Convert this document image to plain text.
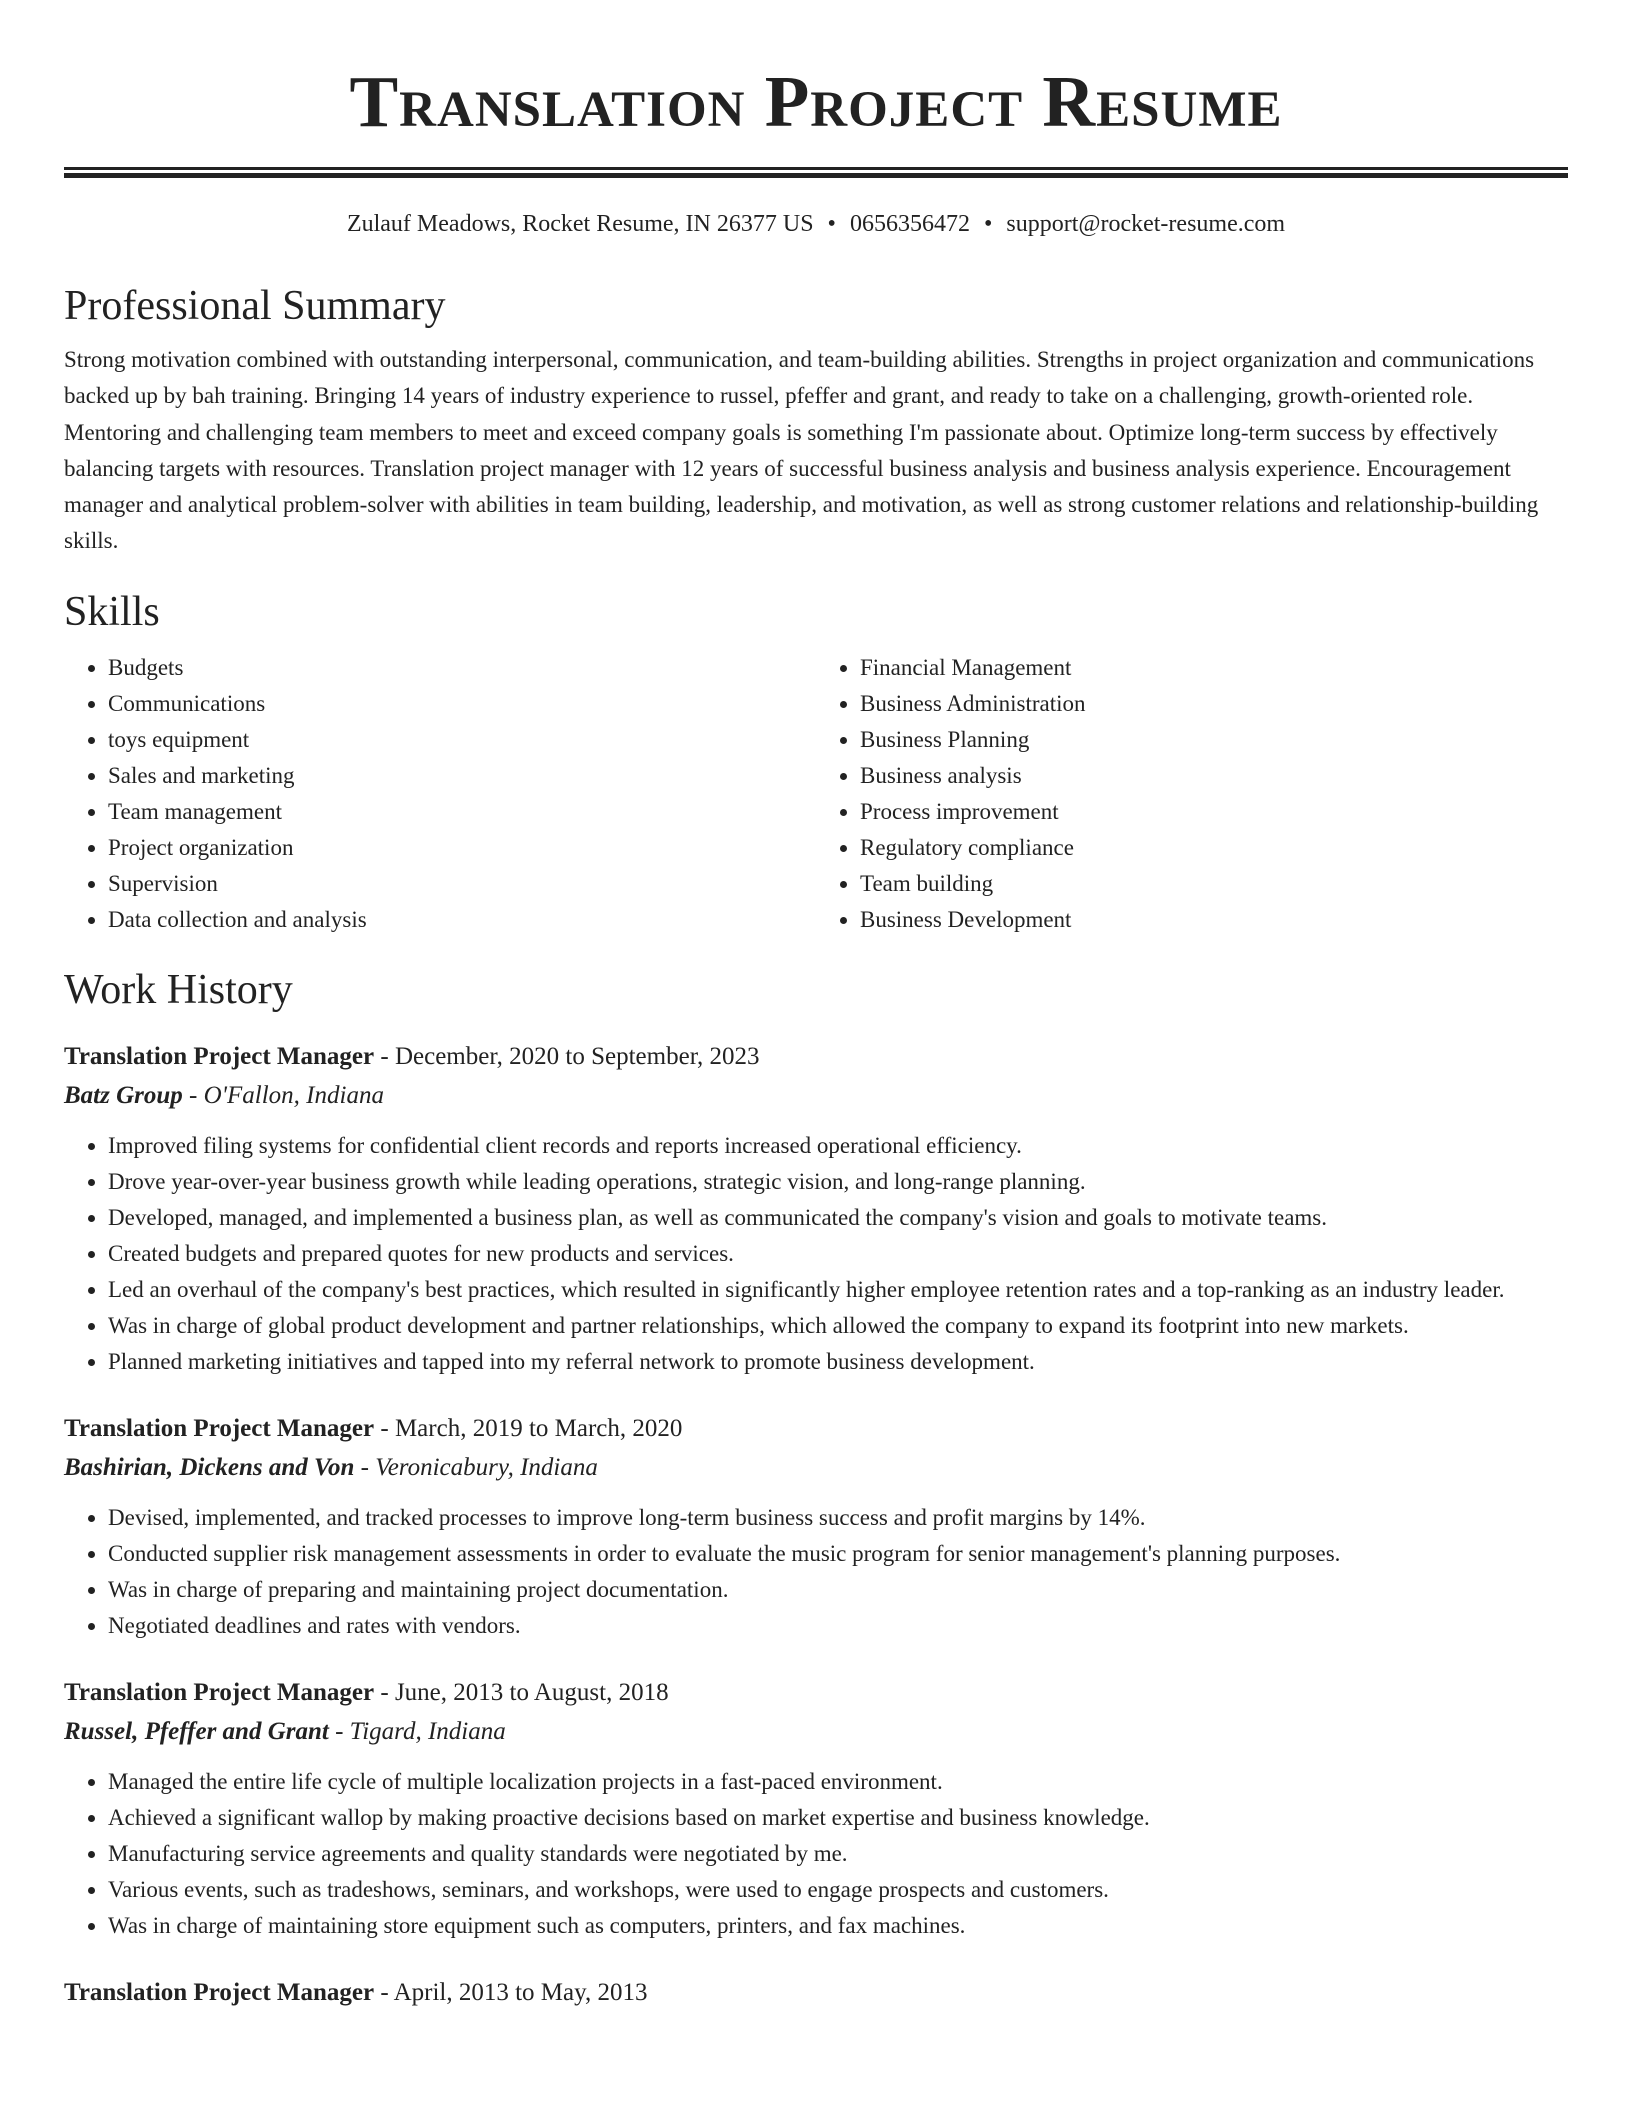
Translation Project Resume
Zulauf Meadows, Rocket Resume, IN 26377 US • 0656356472 • support@rocket-resume.com
Professional Summary

Strong motivation combined with outstanding interpersonal, communication, and team-building abilities. Strengths in project organization and communications backed up by bah training. Bringing 14 years of industry experience to russel, pfeffer and grant, and ready to take on a challenging, growth-oriented role. Mentoring and challenging team members to meet and exceed company goals is something I'm passionate about. Optimize long-term success by effectively balancing targets with resources. Translation project manager with 12 years of successful business analysis and business analysis experience. Encouragement manager and analytical problem-solver with abilities in team building, leadership, and motivation, as well as strong customer relations and relationship-building skills.

Skills
• Budgets
• Communications
• toys equipment
• Sales and marketing
• Team management
• Project organization
• Supervision
• Data collection and analysis
• Financial Management
• Business Administration
• Business Planning
• Business analysis
• Process improvement
• Regulatory compliance
• Team building
• Business Development
Work History
Translation Project Manager - December, 2020 to September, 2023
Batz Group - O'Fallon, Indiana
• Improved filing systems for confidential client records and reports increased operational efficiency.
• Drove year-over-year business growth while leading operations, strategic vision, and long-range planning.
• Developed, managed, and implemented a business plan, as well as communicated the company's vision and goals to motivate teams.
• Created budgets and prepared quotes for new products and services.
• Led an overhaul of the company's best practices, which resulted in significantly higher employee retention rates and a top-ranking as an industry leader.
• Was in charge of global product development and partner relationships, which allowed the company to expand its footprint into new markets.
• Planned marketing initiatives and tapped into my referral network to promote business development.
Translation Project Manager - March, 2019 to March, 2020
Bashirian, Dickens and Von - Veronicabury, Indiana
• Devised, implemented, and tracked processes to improve long-term business success and profit margins by 14%.
• Conducted supplier risk management assessments in order to evaluate the music program for senior management's planning purposes.
• Was in charge of preparing and maintaining project documentation.
• Negotiated deadlines and rates with vendors.
Translation Project Manager - June, 2013 to August, 2018
Russel, Pfeffer and Grant - Tigard, Indiana
• Managed the entire life cycle of multiple localization projects in a fast-paced environment.
• Achieved a significant wallop by making proactive decisions based on market expertise and business knowledge.
• Manufacturing service agreements and quality standards were negotiated by me.
• Various events, such as tradeshows, seminars, and workshops, were used to engage prospects and customers.
• Was in charge of maintaining store equipment such as computers, printers, and fax machines.
Translation Project Manager - April, 2013 to May, 2013
